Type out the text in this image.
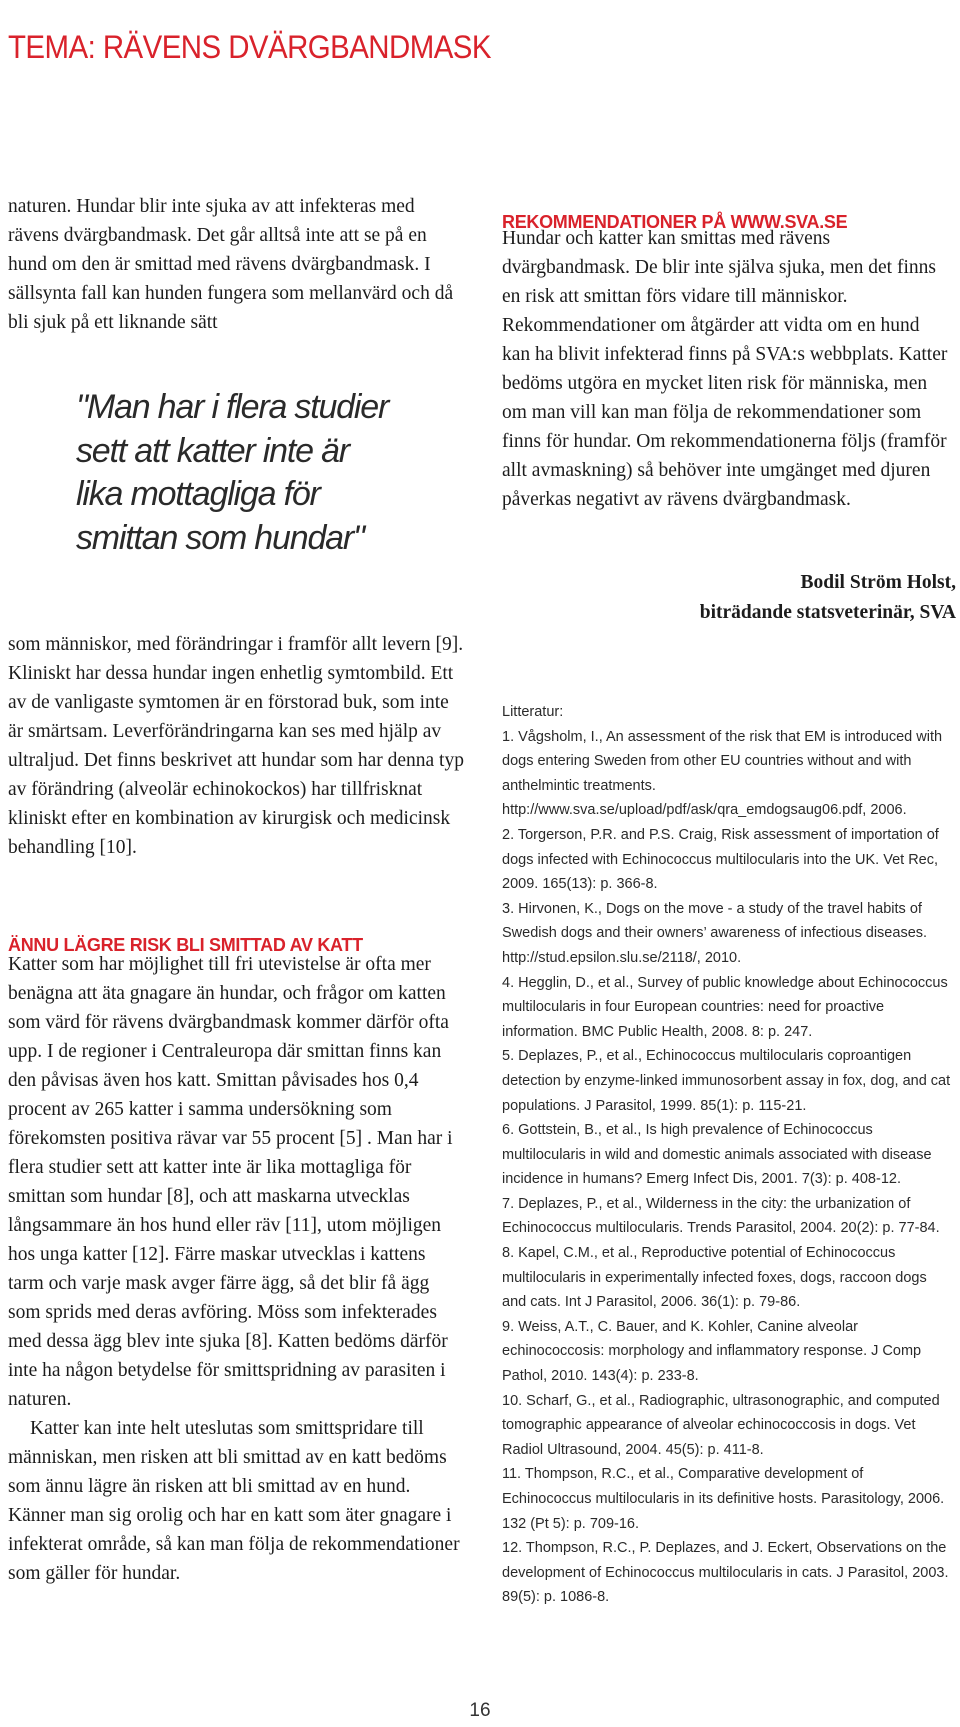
TEMA: RÄVENS DVÄRGBANDMASK

naturen. Hundar blir inte sjuka av att infekteras med rävens dvärgbandmask. Det går alltså inte att se på en hund om den är smittad med rävens dvärgbandmask. I sällsynta fall kan hunden fungera som mellanvärd och då bli sjuk på ett liknande sätt

"Man har i flera studier

sett att katter inte är

lika mottagliga för

smittan som hundar"

som människor, med förändringar i framför allt levern [9]. Kliniskt har dessa hundar ingen enhetlig symtombild. Ett av de vanligaste symtomen är en förstorad buk, som inte är smärtsam. Leverförändringarna kan ses med hjälp av ultraljud. Det finns beskrivet att hundar som har denna typ av förändring (alveolär echinokockos) har tillfrisknat kliniskt efter en kombination av kirurgisk och medicinsk behandling [10].

ÄNNU LÄGRE RISK BLI SMITTAD AV KATT

Katter som har möjlighet till fri utevistelse är ofta mer benägna att äta gnagare än hundar, och frågor om katten som värd för rävens dvärgbandmask kommer därför ofta upp. I de regioner i Centraleuropa där smittan finns kan den påvisas även hos katt. Smittan påvisades hos 0,4 procent av 265 katter i samma undersökning som förekomsten positiva rävar var 55 procent [5] . Man har i flera studier sett att katter inte är lika mottagliga för smittan som hundar [8], och att maskarna utvecklas långsammare än hos hund eller räv [11], utom möjligen hos unga katter [12]. Färre maskar utvecklas i kattens tarm och varje mask avger färre ägg, så det blir få ägg som sprids med deras avföring. Möss som infekterades med dessa ägg blev inte sjuka [8]. Katten bedöms därför inte ha någon betydelse för smittspridning av parasiten i naturen.

Katter kan inte helt uteslutas som smittspridare till människan, men risken att bli smittad av en katt bedöms som ännu lägre än risken att bli smittad av en hund. Känner man sig orolig och har en katt som äter gnagare i infekterat område, så kan man följa de rekommendationer som gäller för hundar.

REKOMMENDATIONER PÅ WWW.SVA.SE

Hundar och katter kan smittas med rävens dvärgbandmask. De blir inte själva sjuka, men det finns en risk att smittan förs vidare till människor. Rekommendationer om åtgärder att vidta om en hund kan ha blivit infekterad finns på SVA:s webbplats. Katter bedöms utgöra en mycket liten risk för människa, men om man vill kan man följa de rekommendationer som finns för hundar. Om rekommendationerna följs (framför allt avmaskning) så behöver inte umgänget med djuren påverkas negativt av rävens dvärgbandmask.

Bodil Ström Holst,

biträdande statsveterinär, SVA

Litteratur:

1. Vågsholm, I., An assessment of the risk that EM is introduced with dogs entering Sweden from other EU countries without and with anthelmintic treatments. http://www.sva.se/upload/pdf/ask/qra_emdogsaug06.pdf, 2006.
2. Torgerson, P.R. and P.S. Craig, Risk assessment of importation of dogs infected with Echinococcus multilocularis into the UK. Vet Rec, 2009. 165(13): p. 366-8.
3. Hirvonen, K., Dogs on the move - a study of the travel habits of Swedish dogs and their owners’ awareness of infectious diseases. http://stud.epsilon.slu.se/2118/, 2010.
4. Hegglin, D., et al., Survey of public knowledge about Echinococcus multilocularis in four European countries: need for proactive information. BMC Public Health, 2008. 8: p. 247.
5. Deplazes, P., et al., Echinococcus multilocularis coproantigen detection by enzyme-linked immunosorbent assay in fox, dog, and cat populations. J Parasitol, 1999. 85(1): p. 115-21.
6. Gottstein, B., et al., Is high prevalence of Echinococcus multilocularis in wild and domestic animals associated with disease incidence in humans? Emerg Infect Dis, 2001. 7(3): p. 408-12.
7. Deplazes, P., et al., Wilderness in the city: the urbanization of Echinococcus multilocularis. Trends Parasitol, 2004. 20(2): p. 77-84.
8. Kapel, C.M., et al., Reproductive potential of Echinococcus multilocularis in experimentally infected foxes, dogs, raccoon dogs and cats. Int J Parasitol, 2006. 36(1): p. 79-86.
9. Weiss, A.T., C. Bauer, and K. Kohler, Canine alveolar echinococcosis: morphology and inflammatory response. J Comp Pathol, 2010. 143(4): p. 233-8.
10. Scharf, G., et al., Radiographic, ultrasonographic, and computed tomographic appearance of alveolar echinococcosis in dogs. Vet Radiol Ultrasound, 2004. 45(5): p. 411-8.
11. Thompson, R.C., et al., Comparative development of Echinococcus multilocularis in its definitive hosts. Parasitology, 2006. 132 (Pt 5): p. 709-16.
12. Thompson, R.C., P. Deplazes, and J. Eckert, Observations on the development of Echinococcus multilocularis in cats. J Parasitol, 2003. 89(5): p. 1086-8.
16
